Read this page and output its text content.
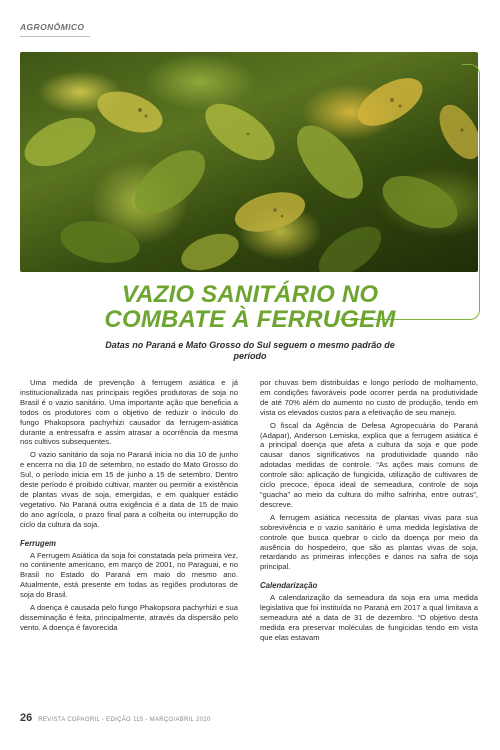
AGRONÔMICO
VAZIO SANITÁRIO NO
COMBATE À FERRUGEM
Datas no Paraná e Mato Grosso do Sul seguem o mesmo padrão de período

Uma medida de prevenção à ferrugem asiática e já institucionalizada nas principais regiões produtoras de soja no Brasil é o vazio sanitário. Uma importante ação que beneficia a todos os produtores com o objetivo de reduzir o inóculo do fungo Phakopsora pachyrhizi causador da ferrugem-asiática durante a entressafra e assim atrasar a ocorrência da mesma nos cultivos subsequentes.

O vazio sanitário da soja no Paraná inicia no dia 10 de junho e encerra no dia 10 de setembro, no estado do Mato Grosso do Sul, o período inicia em 15 de junho a 15 de setembro. Dentro deste período é proibido cultivar, manter ou permitir a existência de plantas vivas de soja, emergidas, e em qualquer estádio vegetativo. No Paraná outra exigência é a data de 15 de maio do ano agrícola, o prazo final para a colheita ou interrupção do ciclo da cultura da soja.

Ferrugem

A Ferrugem Asiática da soja foi constatada pela primeira vez, no continente americano, em março de 2001, no Paraguai, e no Brasil no Estado do Paraná em maio do mesmo ano. Atualmente, está presente em todas as regiões produtoras de soja do Brasil.

A doença é causada pelo fungo Phakopsora pachyrhizi e sua disseminação é feita, principalmente, através da dispersão pelo vento. A doença é favorecida

por chuvas bem distribuídas e longo período de molhamento, em condições favoráveis pode ocorrer perda na produtividade de até 70% além do aumento no custo de produção, tendo em vista os elevados custos para a efetivação de seu manejo.

O fiscal da Agência de Defesa Agropecuária do Paraná (Adapar), Anderson Lemiska, explica que a ferrugem asiática é a principal doença que afeta a cultura da soja e que pode causar danos significativos na produtividade quando não adotadas medidas de controle. “As ações mais comuns de controle são: aplicação de fungicida, utilização de cultivares de ciclo precoce, época ideal de semeadura, controle de soja “guacha” ao meio da cultura do milho safrinha, entre outras”, descreve.

A ferrugem asiática necessita de plantas vivas para sua sobrevivência e o vazio sanitário é uma medida legislativa de controle que busca quebrar o ciclo da doença por meio da ausência do hospedeiro, que são as plantas vivas de soja, retardando as primeiras infecções e danos na safra de soja principal.

Calendarização

A calendarização da semeadura da soja era uma medida legislativa que foi instituída no Paraná em 2017 a qual limitava a semeadura até a data de 31 de dezembro. “O objetivo desta medida era preservar moléculas de fungicidas tendo em vista que elas estavam

26 REVISTA COPAGRIL - EDIÇÃO 115 - MARÇO/ABRIL 2020
